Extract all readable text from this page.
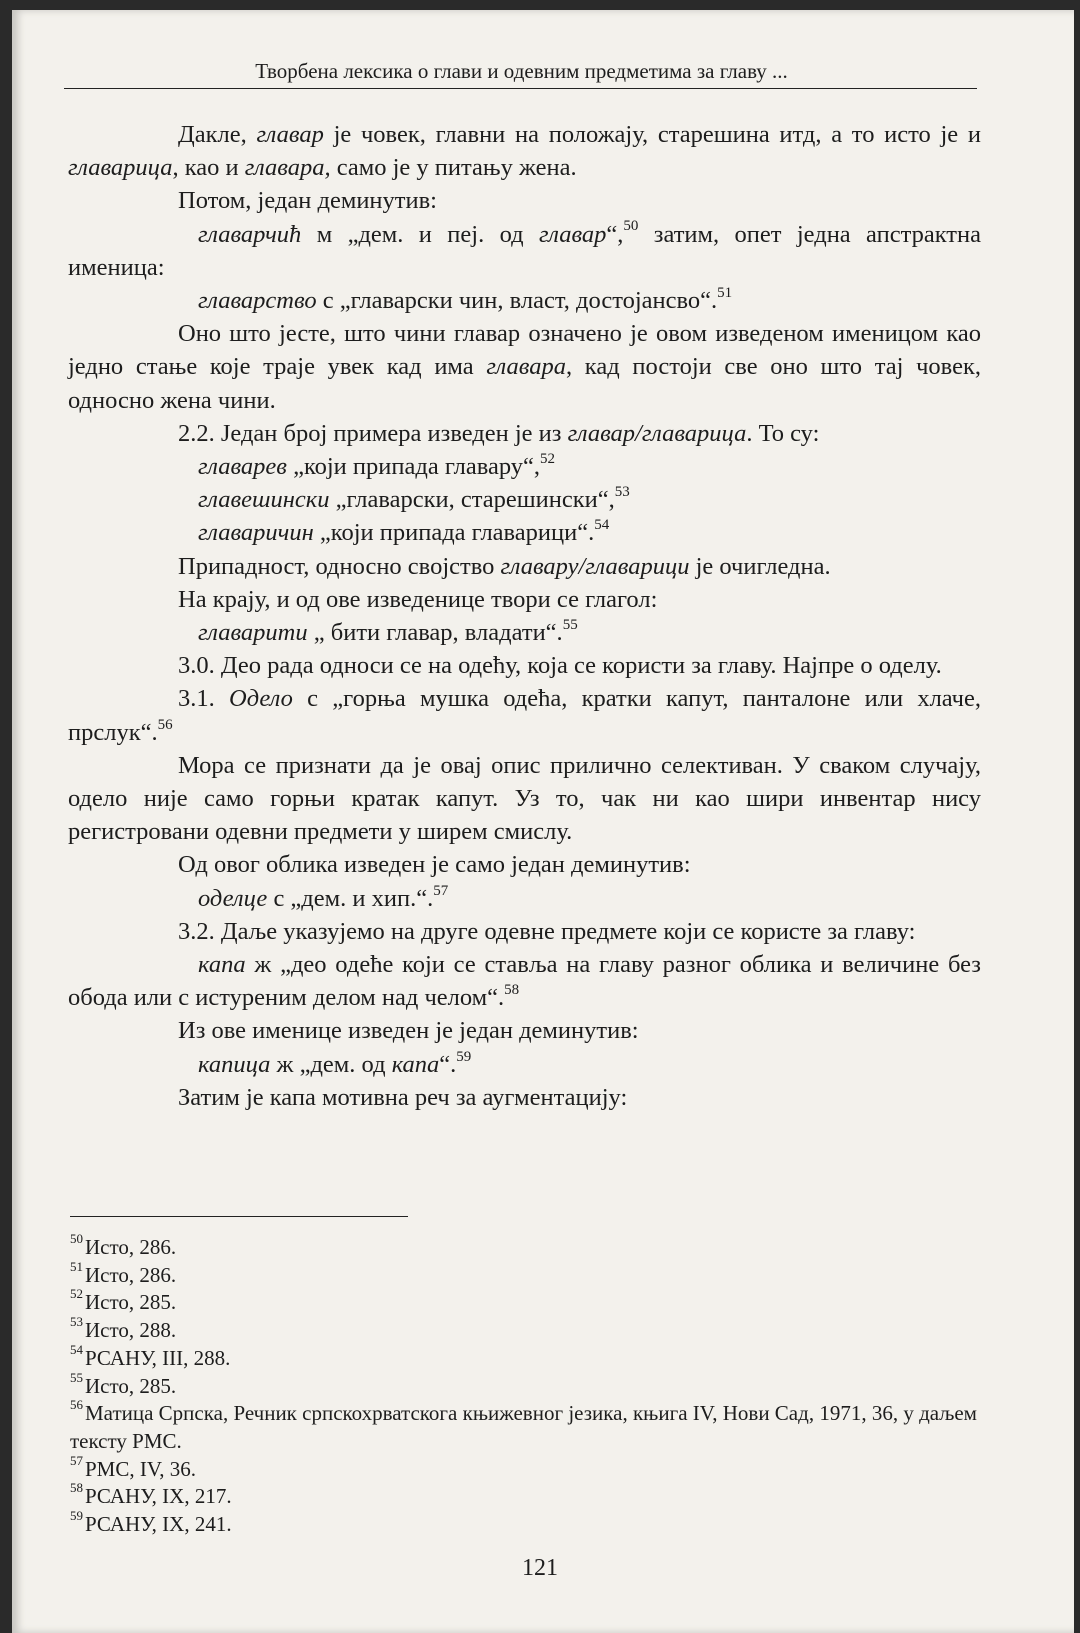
Творбена лексика о глави и одевним предметима за главу ...

Дакле, главар је човек, главни на положају, старешина итд, а то исто је и главарица, као и главара, само је у питању жена.

Потом, један деминутив:

главарчић м „дем. и пеј. од главар“,$^{50}$ затим, опет једна апстрактна именица:

главарство с „главарски чин, власт, достојансво“.$^{51}$

Оно што јесте, што чини главар означено је овом изведеном именицом као једно стање које траје увек кад има главара, кад постоји све оно што тај човек, односно жена чини.

2.2. Један број примера изведен је из главар/главарица. То су:

главарев „који припада главару“,$^{52}$

главешински „главарски, старешински“,$^{53}$

главаричин „који припада главарици“.$^{54}$

Припадност, односно својство главару/главарици је очигледна.

На крају, и од ове изведенице твори се глагол:

главарити „ бити главар, владати“.$^{55}$

3.0. Део рада односи се на одећу, која се користи за главу. Најпре о оделу.

3.1. Одело с „горња мушка одећа, кратки капут, панталоне или хлаче, прслук“.$^{56}$

Мора се признати да је овај опис прилично селективан. У сваком случају, одело није само горњи кратак капут. Уз то, чак ни као шири инвентар нису регистровани одевни предмети у ширем смислу.

Од овог облика изведен је само један деминутив:

оделце с „дем. и хип.“.$^{57}$

3.2. Даље указујемо на друге одевне предмете који се користе за главу:

капа ж „део одеће који се ставља на главу разног облика и величине без обода или с истуреним делом над челом“.$^{58}$

Из ове именице изведен је један деминутив:

капица ж „дем. од капа“.$^{59}$

Затим је капа мотивна реч за аугментацију:

$^{50}$Исто, 286.
$^{51}$Исто, 286.
$^{52}$Исто, 285.
$^{53}$Исто, 288.
$^{54}$РСАНУ, III, 288.
$^{55}$Исто, 285.
$^{56}$Матица Српска, Речник српскохрватскога књижевног језика, књига IV, Нови Сад, 1971, 36, у даљем тексту РМС.
$^{57}$РМС, IV, 36.
$^{58}$РСАНУ, IX, 217.
$^{59}$РСАНУ, IX, 241.
121
